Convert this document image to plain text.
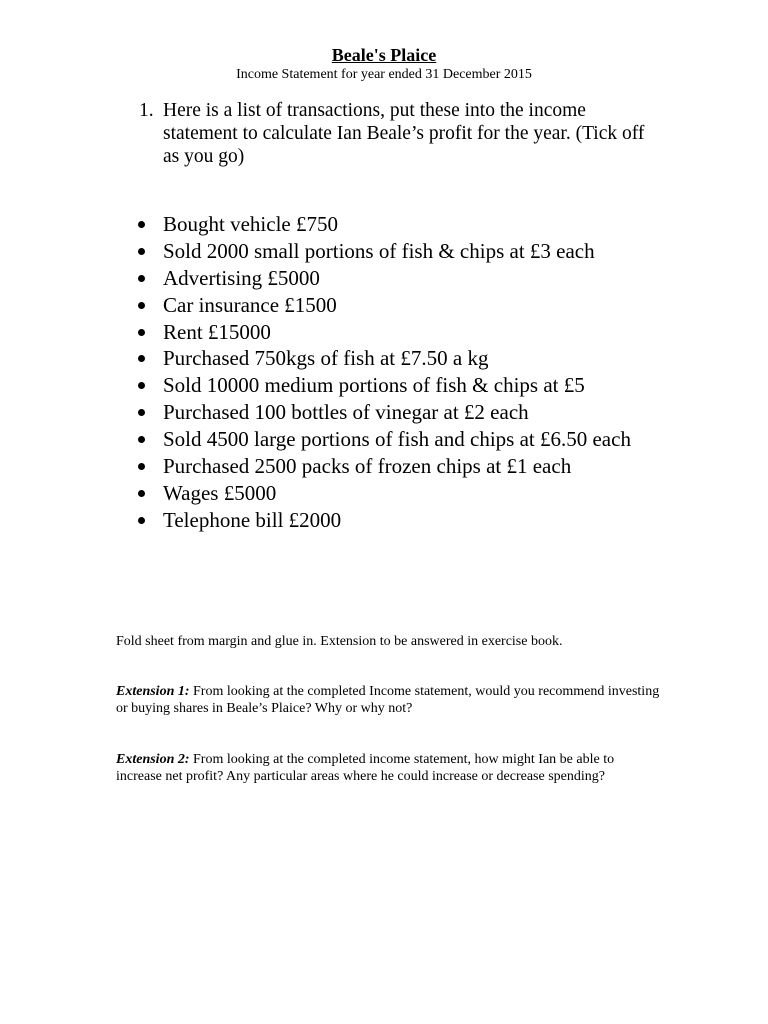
Beale's Plaice
Income Statement for year ended 31 December 2015
1. Here is a list of transactions, put these into the income statement to calculate Ian Beale’s profit for the year. (Tick off as you go)
Bought vehicle £750
Sold 2000 small portions of fish & chips at £3 each
Advertising £5000
Car insurance £1500
Rent £15000
Purchased 750kgs of fish at £7.50 a kg
Sold 10000 medium portions of fish & chips at £5
Purchased 100 bottles of vinegar at £2 each
Sold 4500 large portions of fish and chips at £6.50 each
Purchased 2500 packs of frozen chips at £1 each
Wages £5000
Telephone bill £2000
Fold sheet from margin and glue in. Extension to be answered in exercise book.
Extension 1: From looking at the completed Income statement, would you recommend investing or buying shares in Beale’s Plaice? Why or why not?
Extension 2: From looking at the completed income statement, how might Ian be able to increase net profit? Any particular areas where he could increase or decrease spending?
